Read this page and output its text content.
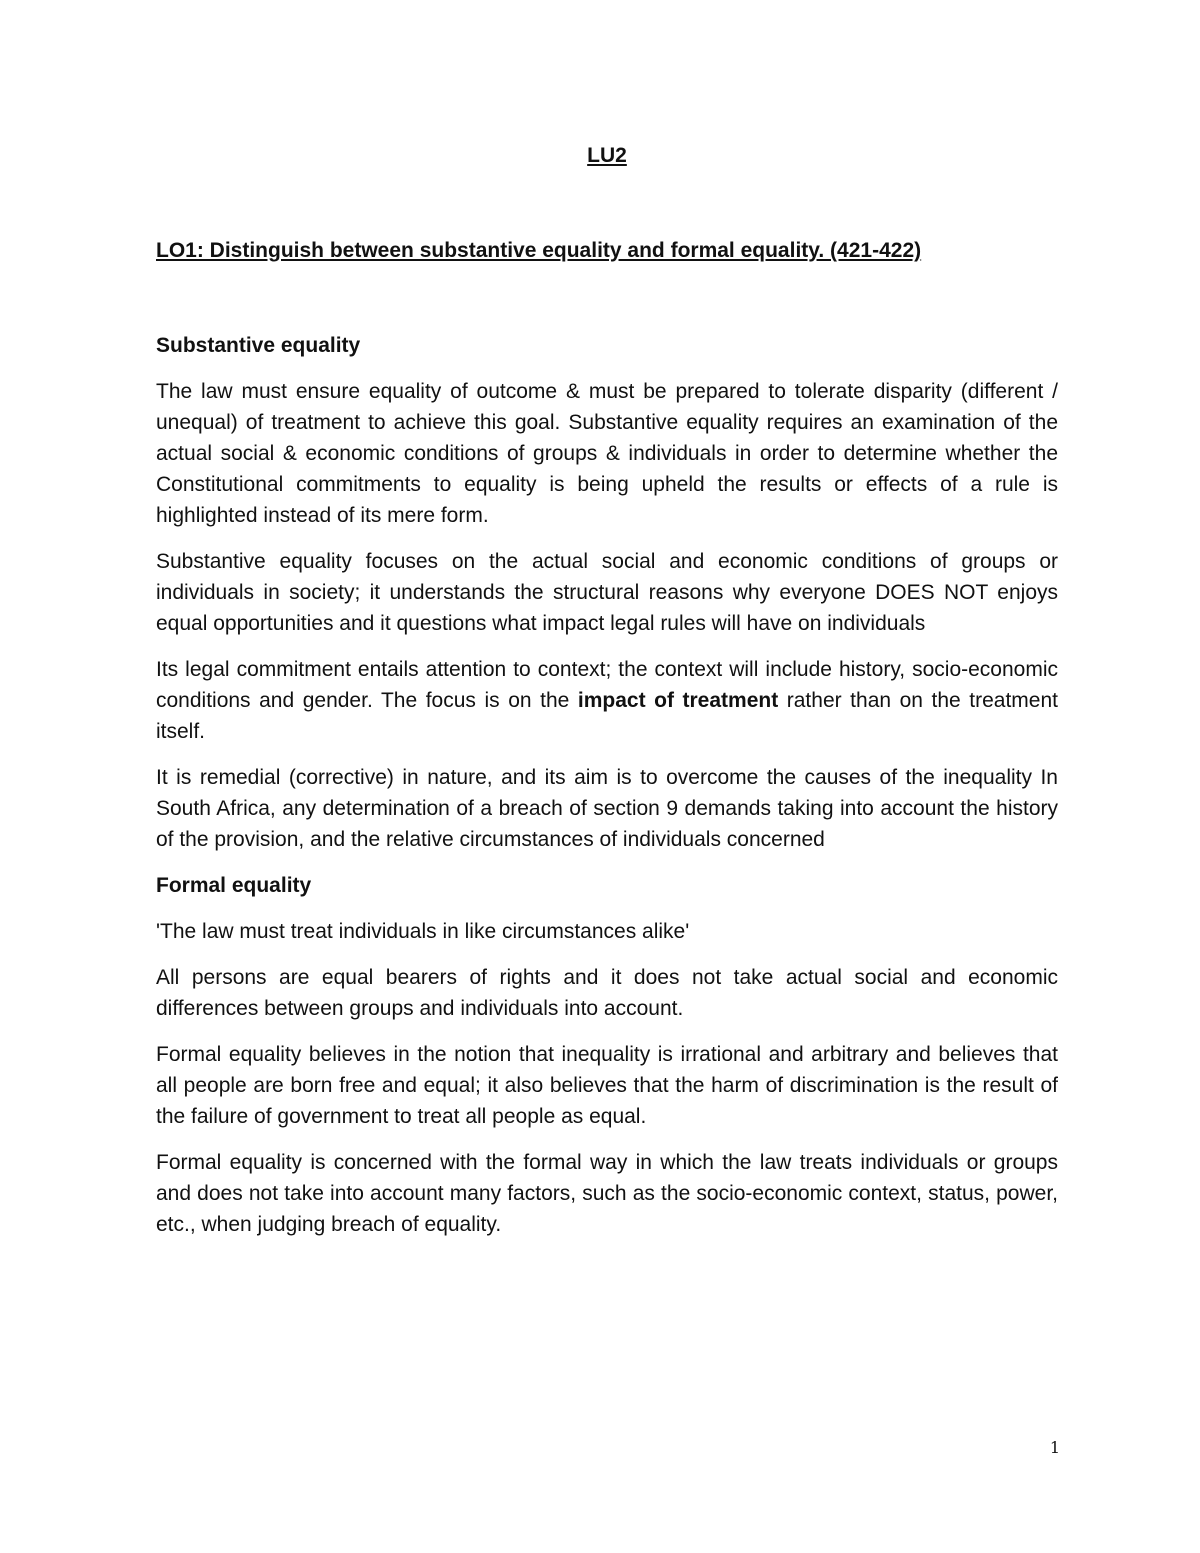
LU2

LO1: Distinguish between substantive equality and formal equality. (421-422)

Substantive equality

The law must ensure equality of outcome & must be prepared to tolerate disparity (different / unequal) of treatment to achieve this goal. Substantive equality requires an examination of the actual social & economic conditions of groups & individuals in order to determine whether the Constitutional commitments to equality is being upheld the results or effects of a rule is highlighted instead of its mere form.

Substantive equality focuses on the actual social and economic conditions of groups or individuals in society; it understands the structural reasons why everyone DOES NOT enjoys equal opportunities and it questions what impact legal rules will have on individuals

Its legal commitment entails attention to context; the context will include history, socio-economic conditions and gender. The focus is on the impact of treatment rather than on the treatment itself.

It is remedial (corrective) in nature, and its aim is to overcome the causes of the inequality In South Africa, any determination of a breach of section 9 demands taking into account the history of the provision, and the relative circumstances of individuals concerned

Formal equality

'The law must treat individuals in like circumstances alike'

All persons are equal bearers of rights and it does not take actual social and economic differences between groups and individuals into account.

Formal equality believes in the notion that inequality is irrational and arbitrary and believes that all people are born free and equal; it also believes that the harm of discrimination is the result of the failure of government to treat all people as equal.

Formal equality is concerned with the formal way in which the law treats individuals or groups and does not take into account many factors, such as the socio-economic context, status, power, etc., when judging breach of equality.

1
